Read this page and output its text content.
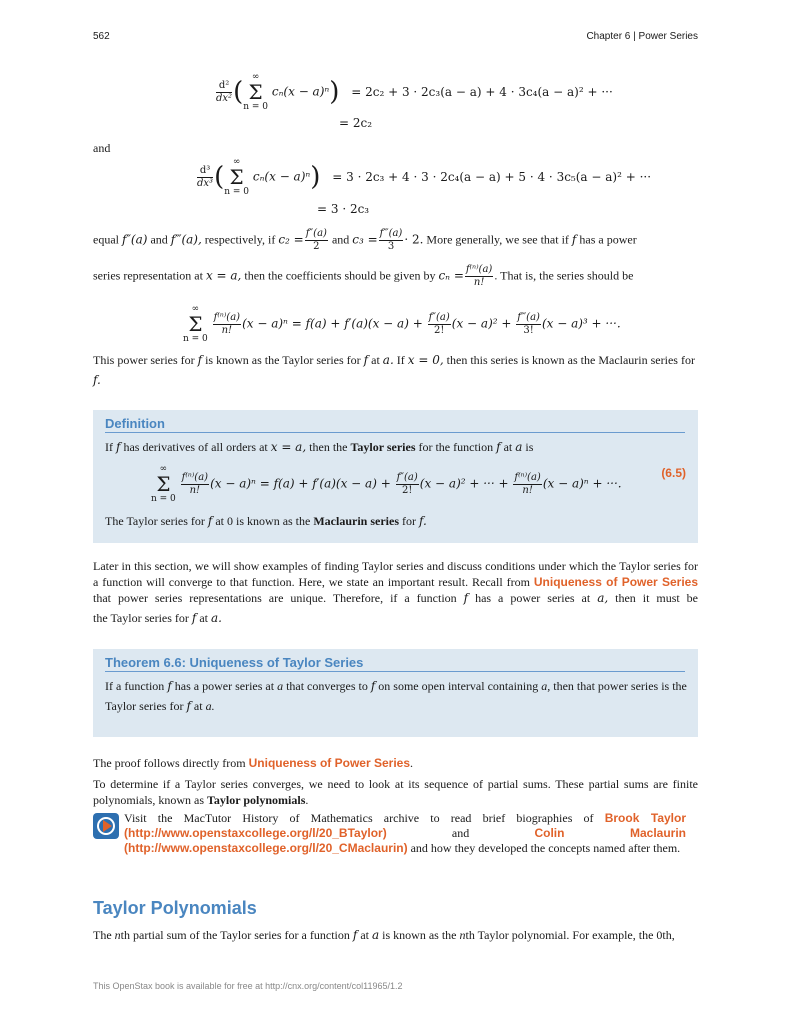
562	Chapter 6 | Power Series
$\frac{\text{d²}}{\text{dx²}}$ ( ∞
Σ
n = 0
cₙ(x − a)ⁿ) = 2c₂ + 3 · 2c₃(a − a) + 4 · 3c₄(a − a)² + ···
= 2c₂
and
$\frac{\text{d³}}{\text{dx³}}$ ( ∞
Σ
n = 0
cₙ(x − a)ⁿ) = 3 · 2c₃ + 4 · 3 · 2c₄(a − a) + 5 · 4 · 3c₅(a − a)² + ···
= 3 · 2c₃
equal f″(a) and f‴(a), respectively, if $c_2 = \frac{f''(a)}{2}$ and $c_3 = \frac{f‴(a)}{3} \cdot 2$. More generally, we see that if f has a power
series representation at x = a, then the coefficients should be given by $c_n = \frac{\text{f⁽ⁿ⁾(a)}}{n!}$ . That is, the series should be
∞
Σ
n = 0

$\frac{\text{f⁽ⁿ⁾(a)}}{n!} (x - a)^n = f(a) + f'(a)(x - a) + \frac{f''(a)}{2!} (x - a)^2 + \frac{f‴(a)}{3!} (x - a)^3$ + ···.
This power series for f is known as the Taylor series for f at a. If x = 0, then this series is known as the Maclaurin series for f.
Definition
If f has derivatives of all orders at x = a, then the Taylor series for the function f at a is
∞
Σ
n = 0

$\frac{\text{f⁽ⁿ⁾(a)}}{n!} (x - a)^n = f(a) + f'(a)(x - a) + \frac{f''(a)}{2!} (x - a)^2$ + ··· + $\frac{\text{f⁽ⁿ⁾(a)}}{n!} (x - a)^n$ + ···.
(6.5)
The Taylor series for f at 0 is known as the Maclaurin series for f.
Later in this section, we will show examples of finding Taylor series and discuss conditions under which the Taylor series for a function will converge to that function. Here, we state an important result. Recall from Uniqueness of Power Series that power series representations are unique. Therefore, if a function f has a power series at a, then it must be the Taylor series for f at a.
Theorem 6.6: Uniqueness of Taylor Series
If a function f has a power series at a that converges to f on some open interval containing a, then that power series is the Taylor series for f at a.
The proof follows directly from Uniqueness of Power Series.
To determine if a Taylor series converges, we need to look at its sequence of partial sums. These partial sums are finite polynomials, known as Taylor polynomials.
Visit the MacTutor History of Mathematics archive to read brief biographies of Brook Taylor (http://www.openstaxcollege.org/l/20_BTaylor)	and	Colin Maclaurin (http://www.openstaxcollege.org/l/20_CMaclaurin) and how they developed the concepts named after them.
Taylor Polynomials
The nth partial sum of the Taylor series for a function f at a is known as the nth Taylor polynomial. For example, the 0th,
This OpenStax book is available for free at http://cnx.org/content/col11965/1.2
